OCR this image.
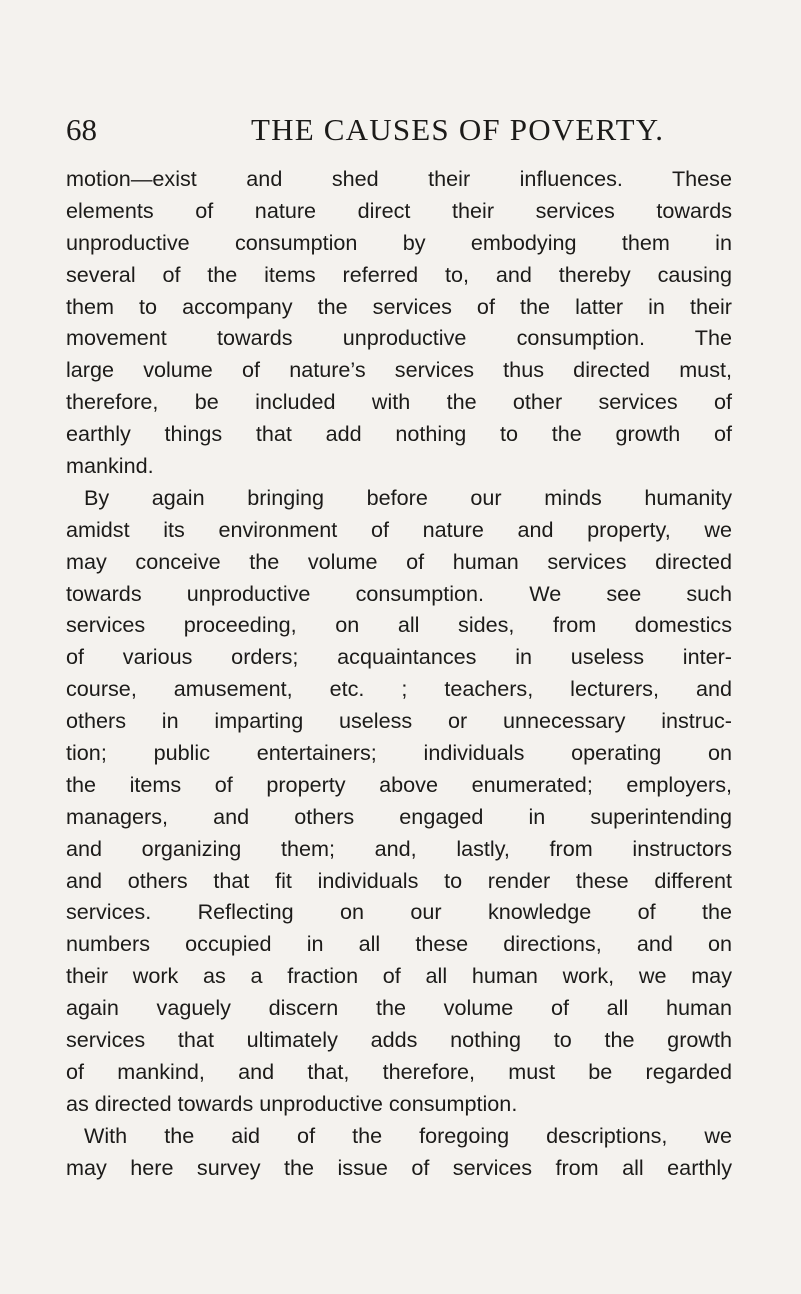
68	THE CAUSES OF POVERTY.
motion—exist and shed their influences. These
elements of nature direct their services towards
unproductive consumption by embodying them in
several of the items referred to, and thereby causing
them to accompany the services of the latter in their
movement towards unproductive consumption. The
large volume of nature’s services thus directed must,
therefore, be included with the other services of
earthly things that add nothing to the growth of
mankind.
By again bringing before our minds humanity
amidst its environment of nature and property, we
may conceive the volume of human services directed
towards unproductive consumption. We see such
services proceeding, on all sides, from domestics
of various orders; acquaintances in useless inter-
course, amusement, etc. ; teachers, lecturers, and
others in imparting useless or unnecessary instruc-
tion; public entertainers; individuals operating on
the items of property above enumerated; employers,
managers, and others engaged in superintending
and organizing them; and, lastly, from instructors
and others that fit individuals to render these different
services. Reflecting on our knowledge of the
numbers occupied in all these directions, and on
their work as a fraction of all human work, we may
again vaguely discern the volume of all human
services that ultimately adds nothing to the growth
of mankind, and that, therefore, must be regarded
as directed towards unproductive consumption.
With the aid of the foregoing descriptions, we
may here survey the issue of services from all earthly
